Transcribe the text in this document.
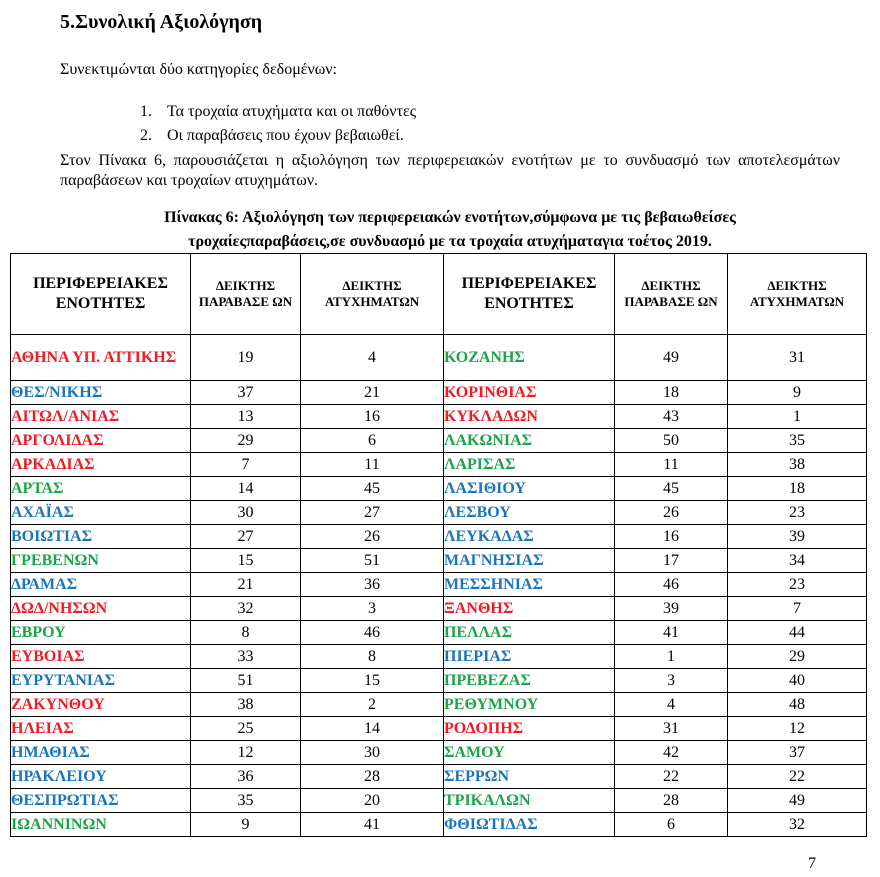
5.Συνολική Αξιολόγηση

Συνεκτιμώνται δύο κατηγορίες δεδομένων:

1. Τα τροχαία ατυχήματα και οι παθόντες
2. Οι παραβάσεις που έχουν βεβαιωθεί.

Στον Πίνακα 6, παρουσιάζεται η αξιολόγηση των περιφερειακών ενοτήτων με το συνδυασμό των αποτελεσμάτων παραβάσεων και τροχαίων ατυχημάτων.

Πίνακας 6: Αξιολόγηση των περιφερειακών ενοτήτων,σύμφωνα με τις βεβαιωθείσες
τροχαίεςπαραβάσεις,σε συνδυασμό με τα τροχαία ατυχήματαγια τοέτος 2019.
ΠΕΡΙΦΕΡΕΙΑΚΕΣ ΕΝΟΤΗΤΕΣ	ΔΕΙΚΤΗΣ ΠΑΡΑΒΑΣΕ ΩΝ	ΔΕΙΚΤΗΣ ΑΤΥΧΗΜΑΤΩΝ	ΠΕΡΙΦΕΡΕΙΑΚΕΣ ΕΝΟΤΗΤΕΣ	ΔΕΙΚΤΗΣ ΠΑΡΑΒΑΣΕ ΩΝ	ΔΕΙΚΤΗΣ ΑΤΥΧΗΜΑΤΩΝ
ΑΘΗΝΑ ΥΠ. ΑΤΤΙΚΗΣ	19	4	ΚΟΖΑΝΗΣ	49	31
ΘΕΣ/ΝΙΚΗΣ	37	21	ΚΟΡΙΝΘΙΑΣ	18	9
ΑΙΤΩΛ/ΑΝΙΑΣ	13	16	ΚΥΚΛΑΔΩΝ	43	1
ΑΡΓΟΛΙΔΑΣ	29	6	ΛΑΚΩΝΙΑΣ	50	35
ΑΡΚΑΔΙΑΣ	7	11	ΛΑΡΙΣΑΣ	11	38
ΑΡΤΑΣ	14	45	ΛΑΣΙΘΙΟΥ	45	18
ΑΧΑΪΑΣ	30	27	ΛΕΣΒΟΥ	26	23
ΒΟΙΩΤΙΑΣ	27	26	ΛΕΥΚΑΔΑΣ	16	39
ΓΡΕΒΕΝΩΝ	15	51	ΜΑΓΝΗΣΙΑΣ	17	34
ΔΡΑΜΑΣ	21	36	ΜΕΣΣΗΝΙΑΣ	46	23
ΔΩΔ/ΝΗΣΩΝ	32	3	ΞΑΝΘΗΣ	39	7
ΕΒΡΟΥ	8	46	ΠΕΛΛΑΣ	41	44
ΕΥΒΟΙΑΣ	33	8	ΠΙΕΡΙΑΣ	1	29
ΕΥΡΥΤΑΝΙΑΣ	51	15	ΠΡΕΒΕΖΑΣ	3	40
ΖΑΚΥΝΘΟΥ	38	2	ΡΕΘΥΜΝΟΥ	4	48
ΗΛΕΙΑΣ	25	14	ΡΟΔΟΠΗΣ	31	12
ΗΜΑΘΙΑΣ	12	30	ΣΑΜΟΥ	42	37
ΗΡΑΚΛΕΙΟΥ	36	28	ΣΕΡΡΩΝ	22	22
ΘΕΣΠΡΩΤΙΑΣ	35	20	ΤΡΙΚΑΛΩΝ	28	49
ΙΩΑΝΝΙΝΩΝ	9	41	ΦΘΙΩΤΙΔΑΣ	6	32
7
